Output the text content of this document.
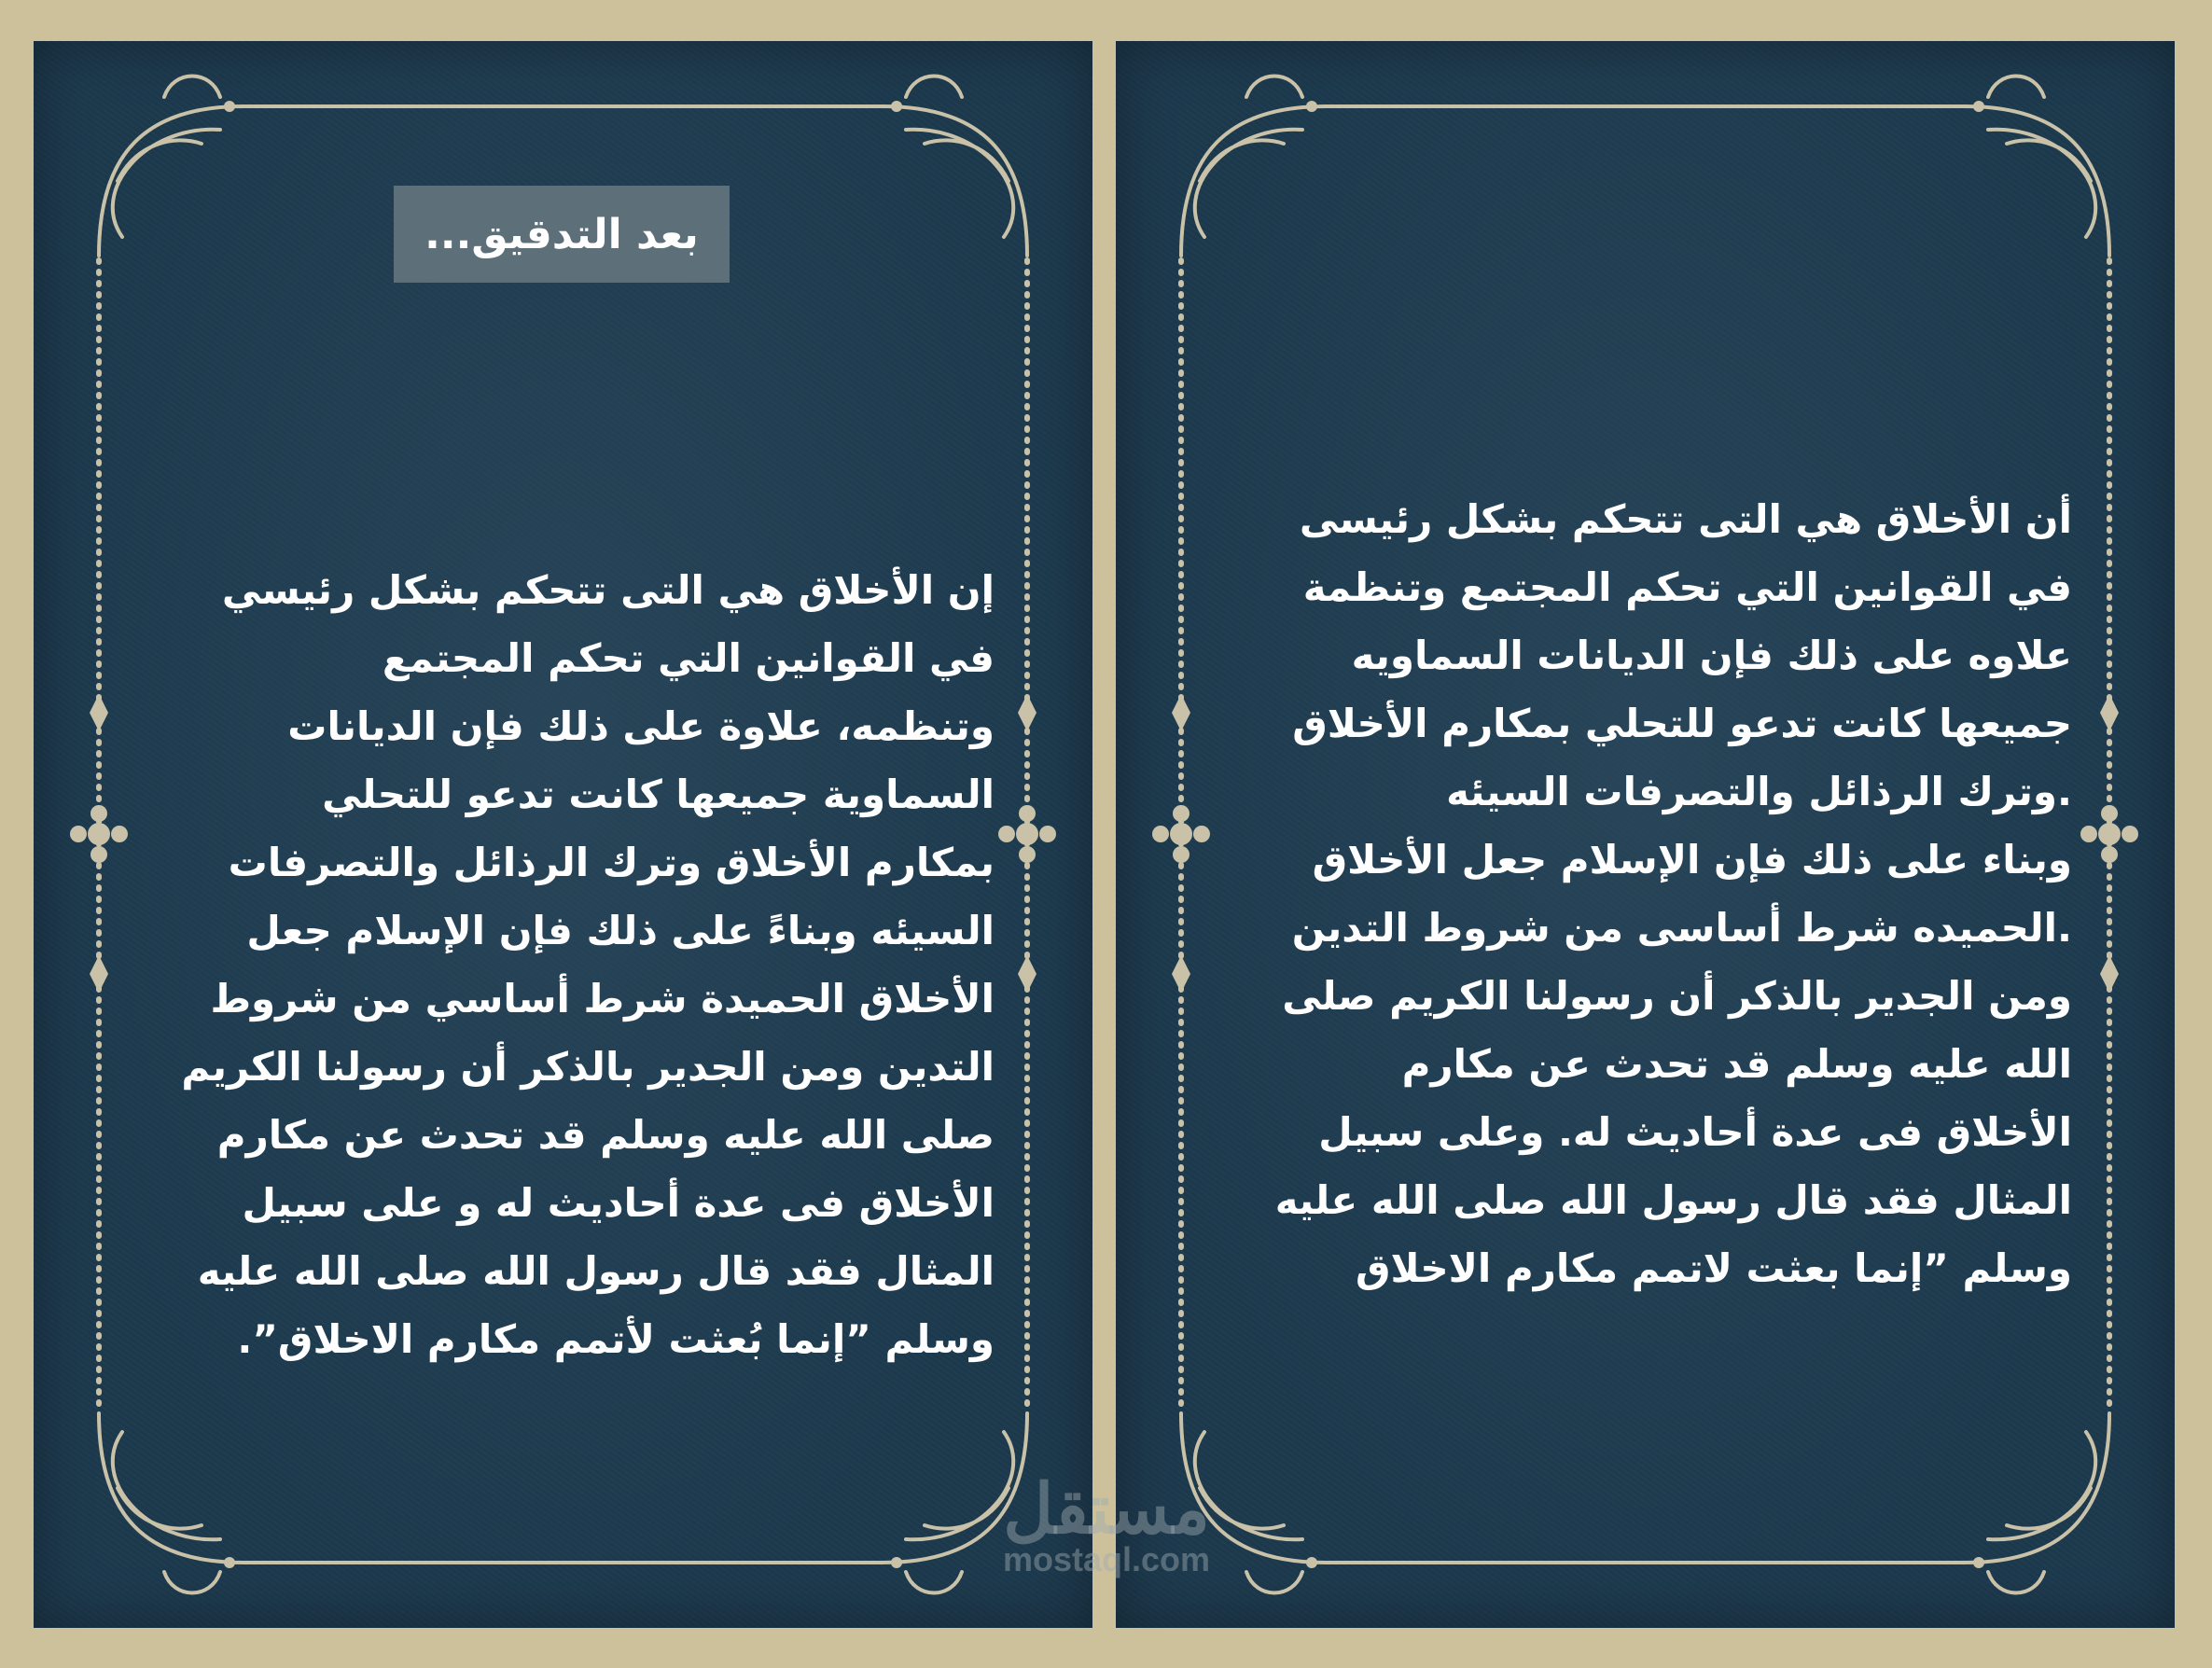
بعد التدقيق...
إن الأخلاق هي التى تتحكم بشكل رئيسي
في القوانين التي تحكم المجتمع
وتنظمه، علاوة على ذلك فإن الديانات
السماوية جميعها كانت تدعو للتحلي
بمكارم الأخلاق وترك الرذائل والتصرفات
السيئه وبناءً على ذلك فإن الإسلام جعل
الأخلاق الحميدة شرط أساسي من شروط
التدين ومن الجدير بالذكر أن رسولنا الكريم
صلى الله عليه وسلم قد تحدث عن مكارم
الأخلاق فى عدة أحاديث له و على سبيل
المثال فقد قال رسول الله صلى الله عليه
وسلم ”إنما بُعثت لأتمم مكارم الاخلاق”.
أن الأخلاق هي التى تتحكم بشكل رئيسى
في القوانين التي تحكم المجتمع وتنظمة
علاوه على ذلك فإن الديانات السماويه
جميعها كانت تدعو للتحلي بمكارم الأخلاق
.وترك الرذائل والتصرفات السيئه
وبناء على ذلك فإن الإسلام جعل الأخلاق
.الحميده شرط أساسى من شروط التدين
ومن الجدير بالذكر أن رسولنا الكريم صلى
الله عليه وسلم قد تحدث عن مكارم
الأخلاق فى عدة أحاديث له. وعلى سبيل
المثال فقد قال رسول الله صلى الله عليه
وسلم ”إنما بعثت لاتمم مكارم الاخلاق
مستقل
mostaql.com
